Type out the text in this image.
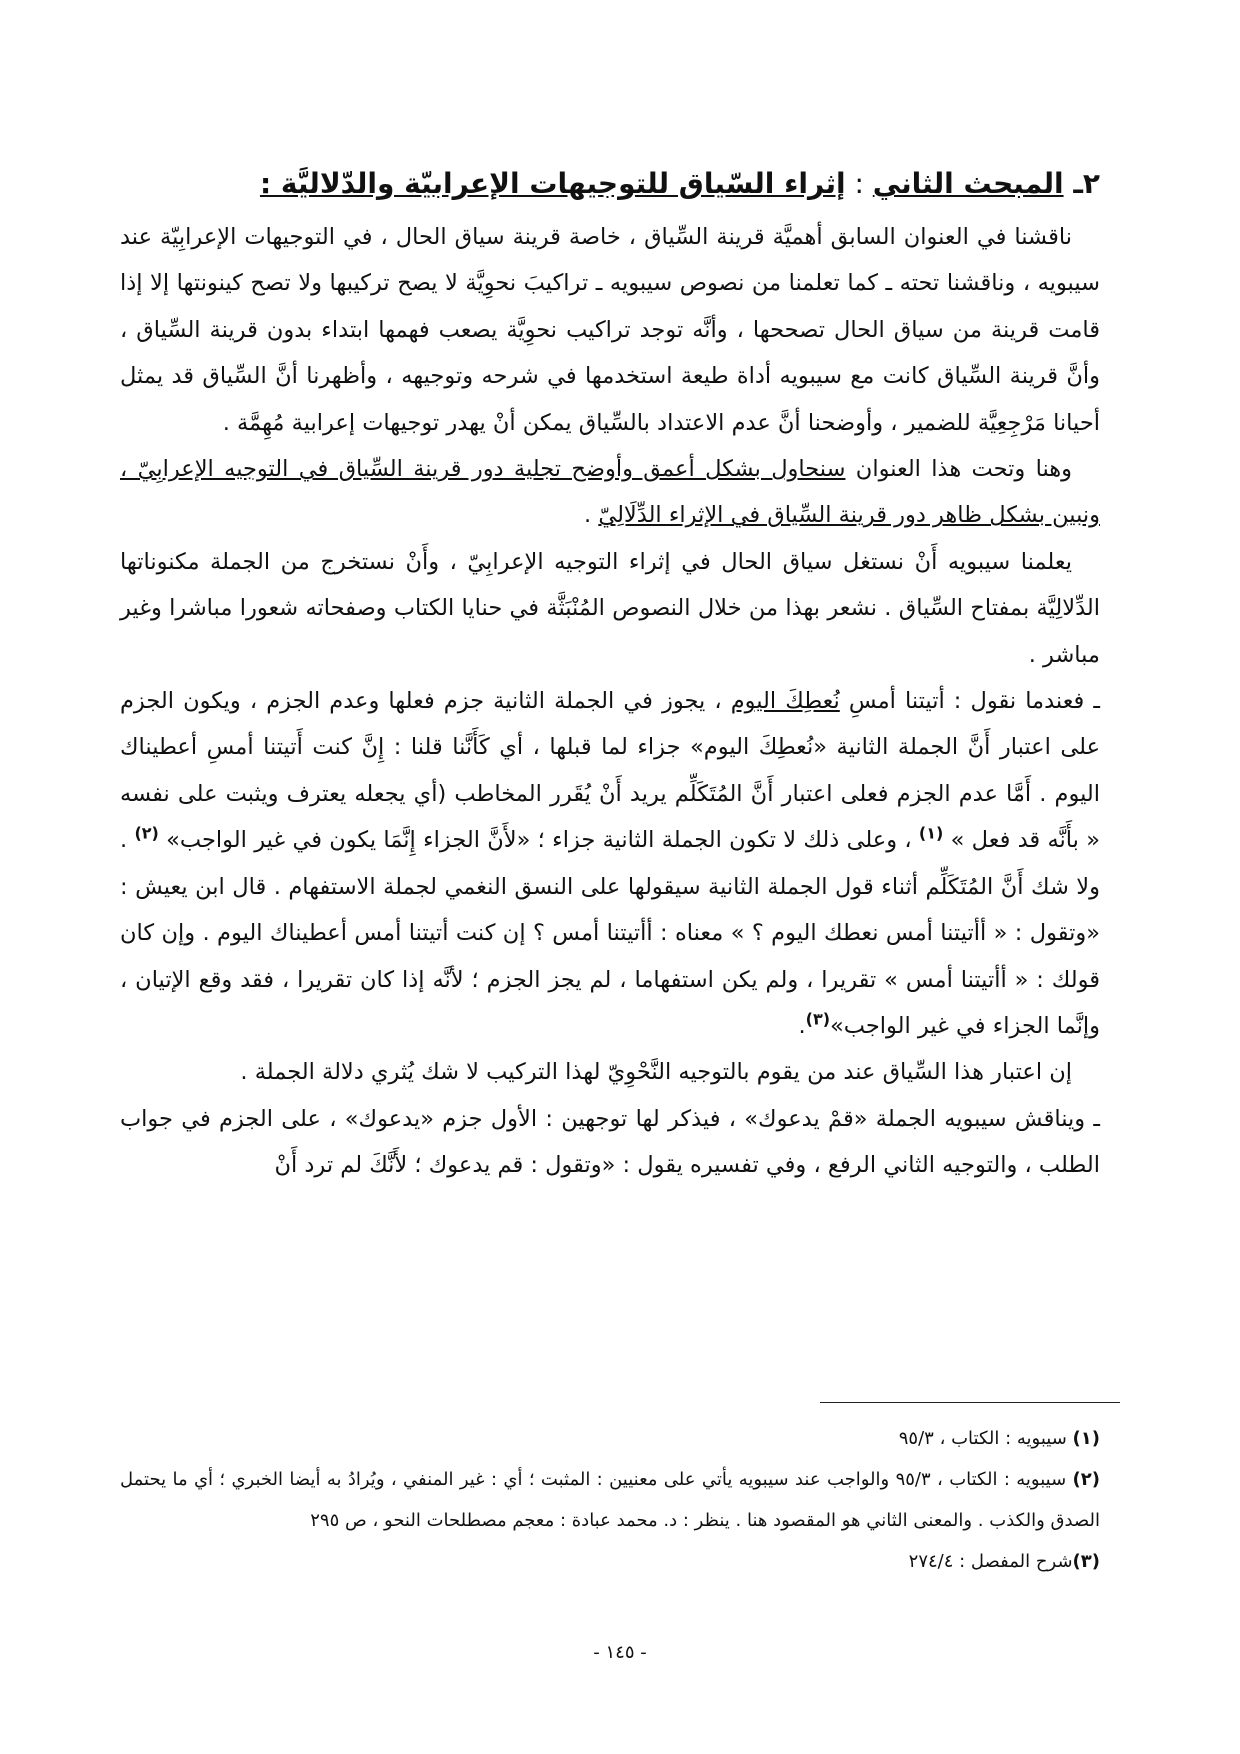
٢ـ المبحث الثاني : إثراء السّياق للتوجيهات الإعرابيّة والدّلاليَّة :

ناقشنا في العنوان السابق أهميَّة قرينة السِّياق ، خاصة قرينة سياق الحال ، في التوجيهات الإعرابِيّة عند سيبويه ، وناقشنا تحته ـ كما تعلمنا من نصوص سيبويه ـ تراكيبَ نحوِيَّة لا يصح تركيبها ولا تصح كينونتها إلا إذا قامت قرينة من سياق الحال تصححها ، وأنَّه توجد تراكيب نحوِيَّة يصعب فهمها ابتداء بدون قرينة السِّياق ، وأنَّ قرينة السِّياق كانت مع سيبويه أداة طيعة استخدمها في شرحه وتوجيهه ، وأظهرنا أنَّ السِّياق قد يمثل أحيانا مَرْجِعِيَّة للضمير ، وأوضحنا أنَّ عدم الاعتداد بالسِّياق يمكن أنْ يهدر توجيهات إعرابية مُهِمَّة .

وهنا وتحت هذا العنوان سنحاول بشكل أعمق وأوضح تجلية دور قرينة السِّياق في التوجيه الإعرابِيّ ، ونبين بشكل ظاهر دور قرينة السِّياق في الإثراء الدِّلَالِيّ .

يعلمنا سيبويه أَنْ نستغل سياق الحال في إثراء التوجيه الإعرابِيّ ، وأَنْ نستخرج من الجملة مكنوناتها الدِّلالِيَّة بمفتاح السِّياق . نشعر بهذا من خلال النصوص المُنْبَثَّة في حنايا الكتاب وصفحاته شعورا مباشرا وغير مباشر .

ـ فعندما نقول : أتيتنا أمسِ نُعطِكَ اليوم ، يجوز في الجملة الثانية جزم فعلها وعدم الجزم ، ويكون الجزم على اعتبار أَنَّ الجملة الثانية «نُعطِكَ اليوم» جزاء لما قبلها ، أي كَأَنَّنا قلنا : إِنَّ كنت أَتيتنا أمسِ أعطيناك اليوم . أَمَّا عدم الجزم فعلى اعتبار أَنَّ المُتَكَلِّم يريد أَنْ يُقَرر المخاطب (أي يجعله يعترف ويثبت على نفسه « بأَنَّه قد فعل » $^{(١)}$ ، وعلى ذلك لا تكون الجملة الثانية جزاء ؛ «لأَنَّ الجزاء إِنَّمَا يكون في غير الواجب» $^{(٢)}$ . ولا شك أَنَّ المُتَكَلِّم أثناء قول الجملة الثانية سيقولها على النسق النغمي لجملة الاستفهام . قال ابن يعيش : «وتقول : « أأتيتنا أمس نعطك اليوم ؟ » معناه : أأتيتنا أمس ؟ إن كنت أتيتنا أمس أعطيناك اليوم . وإن كان قولك : « أأتيتنا أمس » تقريرا ، ولم يكن استفهاما ، لم يجز الجزم ؛ لأنَّه إذا كان تقريرا ، فقد وقع الإتيان ، وإنَّما الجزاء في غير الواجب»$^{(٣)}$.

إن اعتبار هذا السِّياق عند من يقوم بالتوجيه النَّحْوِيّ لهذا التركيب لا شك يُثري دلالة الجملة .

ـ ويناقش سيبويه الجملة «قمْ يدعوك» ، فيذكر لها توجهين : الأول جزم «يدعوك» ، على الجزم في جواب الطلب ، والتوجيه الثاني الرفع ، وفي تفسيره يقول : «وتقول : قم يدعوك ؛ لأَنَّكَ لم ترد أَنْ

(١) سيبويه : الكتاب ، ٩٥/٣

(٢) سيبويه : الكتاب ، ٩٥/٣ والواجب عند سيبويه يأتي على معنيين : المثبت ؛ أي : غير المنفي ، ويُرادُ به أيضا الخبري ؛ أي ما يحتمل الصدق والكذب . والمعنى الثاني هو المقصود هنا . ينظر : د. محمد عبادة : معجم مصطلحات النحو ، ص ٢٩٥

(٣)شرح المفصل : ٢٧٤/٤

- ١٤٥ -
